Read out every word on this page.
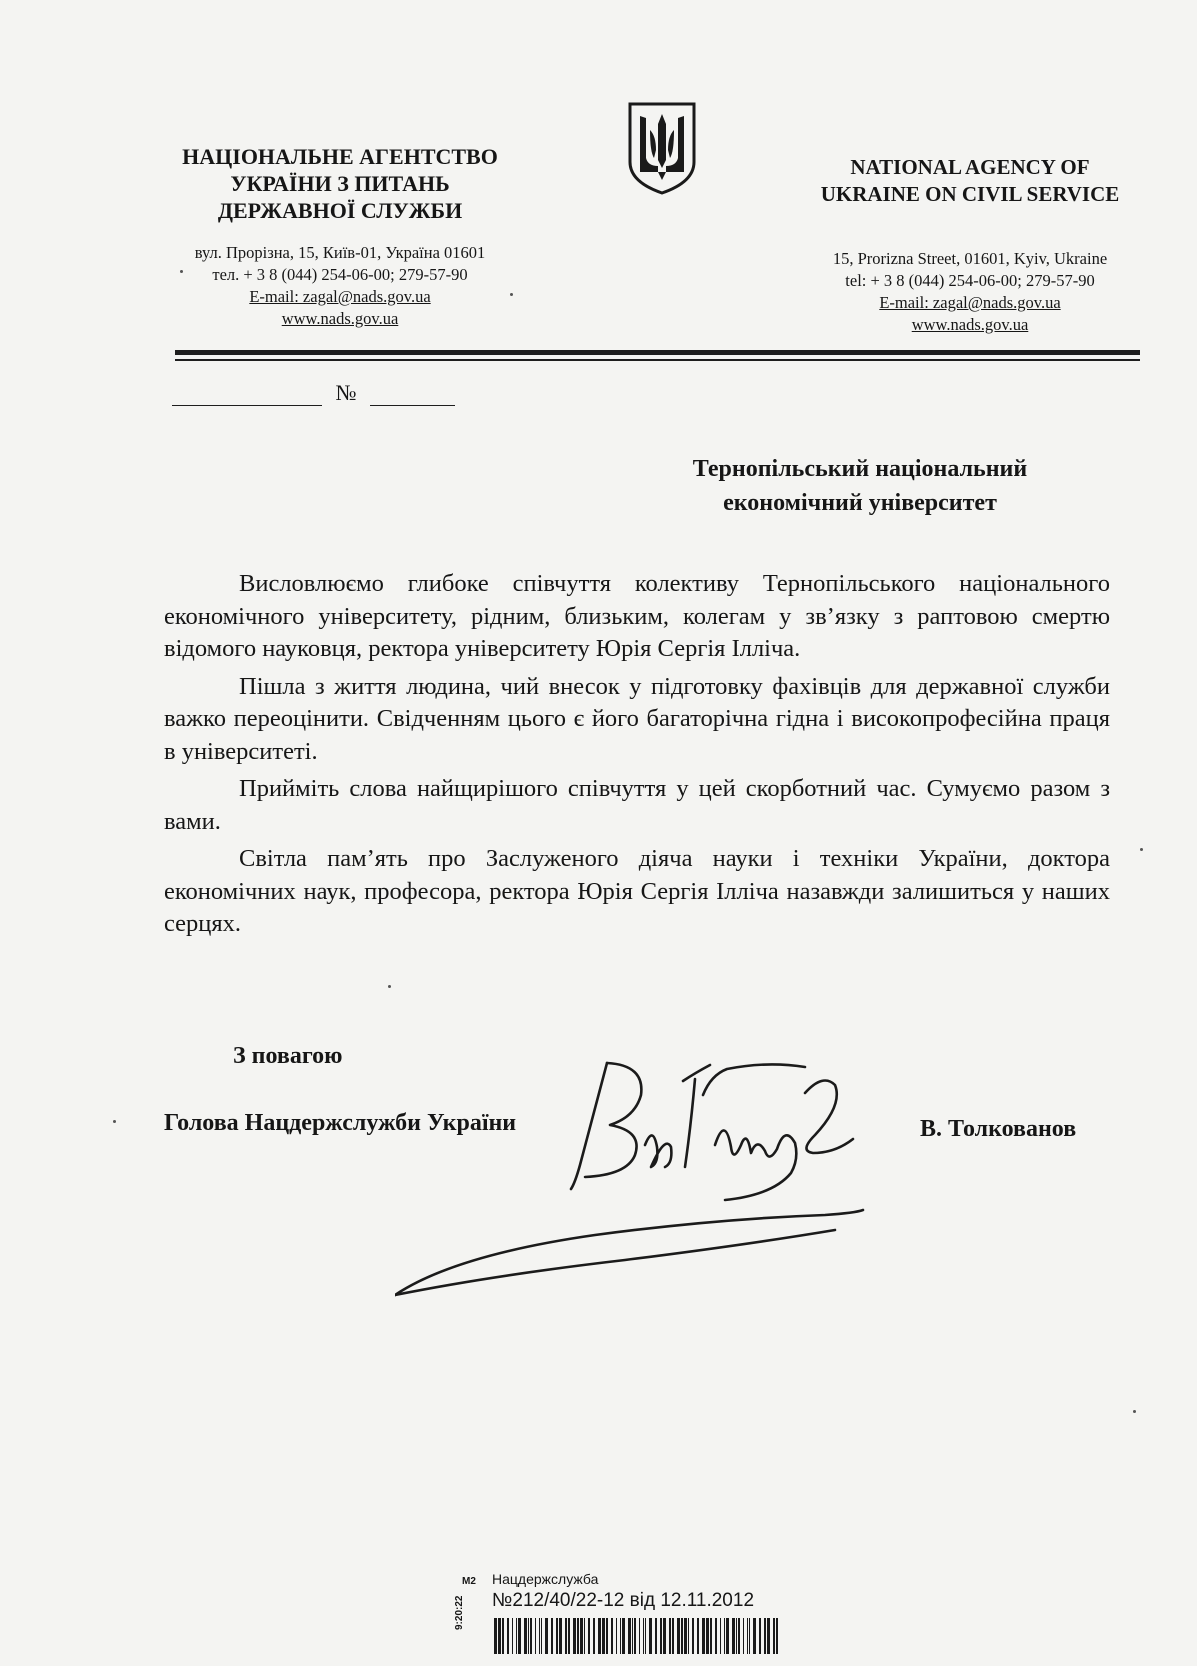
НАЦІОНАЛЬНЕ АГЕНТСТВО
УКРАЇНИ З ПИТАНЬ
ДЕРЖАВНОЇ СЛУЖБИ
NATIONAL AGENCY OF
UKRAINE ON CIVIL SERVICE
вул. Прорізна, 15, Київ-01, Україна 01601
тел. + 3 8 (044) 254-06-00; 279-57-90
E-mail: zagal@nads.gov.ua
www.nads.gov.ua
15, Prorizna Street, 01601, Kyiv, Ukraine
tel: + 3 8 (044) 254-06-00; 279-57-90
E-mail: zagal@nads.gov.ua
www.nads.gov.ua
№
Тернопільський національний
економічний університет

Висловлюємо глибоке співчуття колективу Тернопільського національного економічного університету, рідним, близьким, колегам у зв’язку з раптовою смертю відомого науковця, ректора університету Юрія Сергія Ілліча.

Пішла з життя людина, чий внесок у підготовку фахівців для державної служби важко переоцінити. Свідченням цього є його багаторічна гідна і високопрофесійна праця в університеті.

Прийміть слова найщирішого співчуття у цей скорботний час. Сумуємо разом з вами.

Світла пам’ять про Заслуженого діяча науки і техніки України, доктора економічних наук, професора, ректора Юрія Сергія Ілліча назавжди залишиться у наших серцях.

З повагою
Голова Нацдержслужби України	В. Толкованов
М2
9:20:22
Нацдержслужба
№212/40/22-12 від 12.11.2012
